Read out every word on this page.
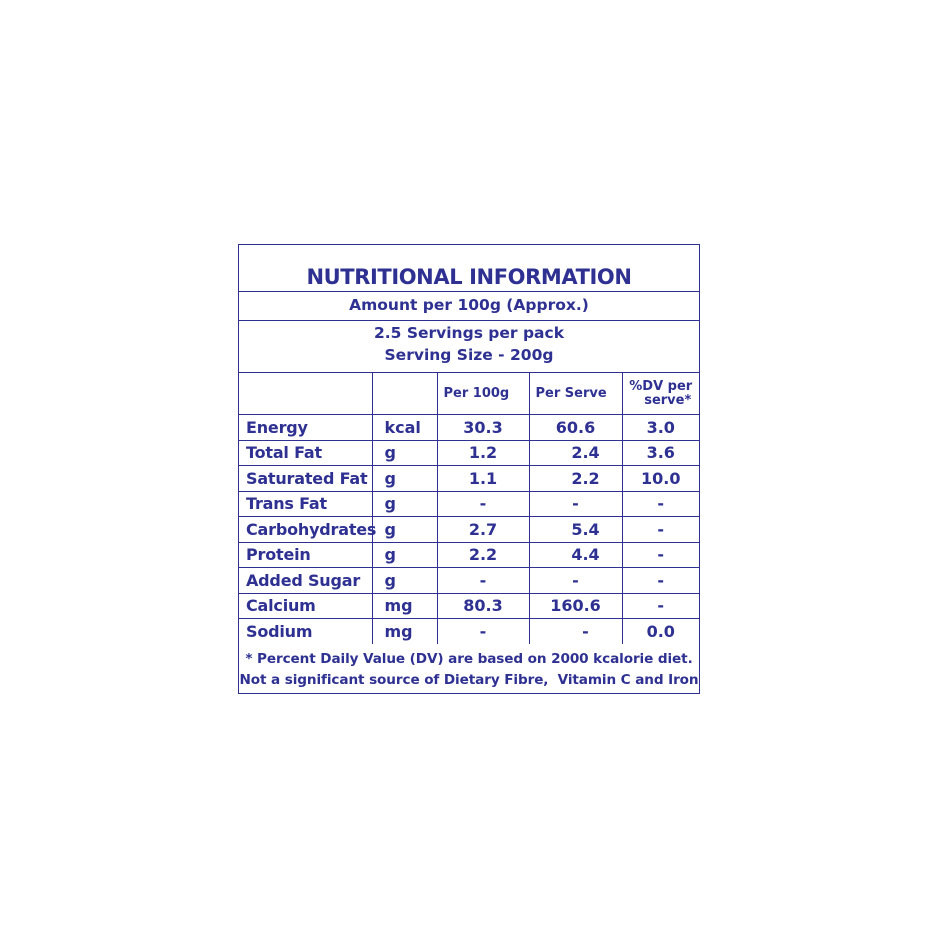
NUTRITIONAL INFORMATION
Amount per 100g (Approx.)
2.5 Servings per pack
Serving Size - 200g
		Per 100g	Per Serve	%DV per
serve*

Energy	kcal	30.3	60.6	3.0
Total Fat	g	1.2	2.4	3.6
Saturated Fat	g	1.1	2.2	10.0
Trans Fat	g	-	-	-
Carbohydrates	g	2.7	5.4	-
Protein	g	2.2	4.4	-
Added Sugar	g	-	-	-
Calcium	mg	80.3	160.6	-
Sodium	mg	-	-	0.0
* Percent Daily Value (DV) are based on 2000 kcalorie diet.
Not a significant source of Dietary Fibre,  Vitamin C and Iron
